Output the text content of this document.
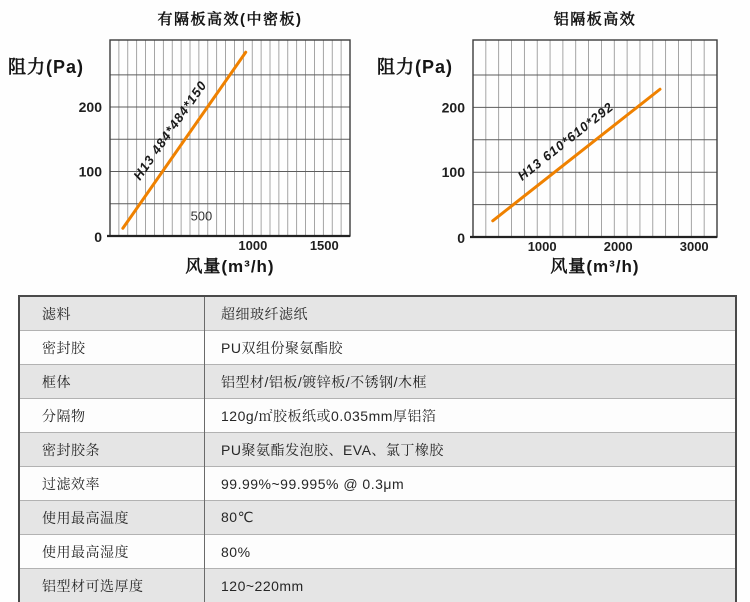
有隔板高效(中密板)
阻力(Pa)
100
200
0
1000	1500
500
H13 484*484*150
风量(m³/h)
铝隔板高效
阻力(Pa)
100
200
0
1000	2000	3000
H13 610*610*292
风量(m³/h)
滤料	超细玻纤滤纸
密封胶	PU双组份聚氨酯胶
框体	铝型材/铝板/镀锌板/不锈钢/木框
分隔物	120g/㎡胶板纸或0.035mm厚铝箔
密封胶条	PU聚氨酯发泡胶、EVA、氯丁橡胶
过滤效率	99.99%~99.995% @ 0.3μm
使用最高温度	80℃
使用最高湿度	80%
铝型材可选厚度	120~220mm
